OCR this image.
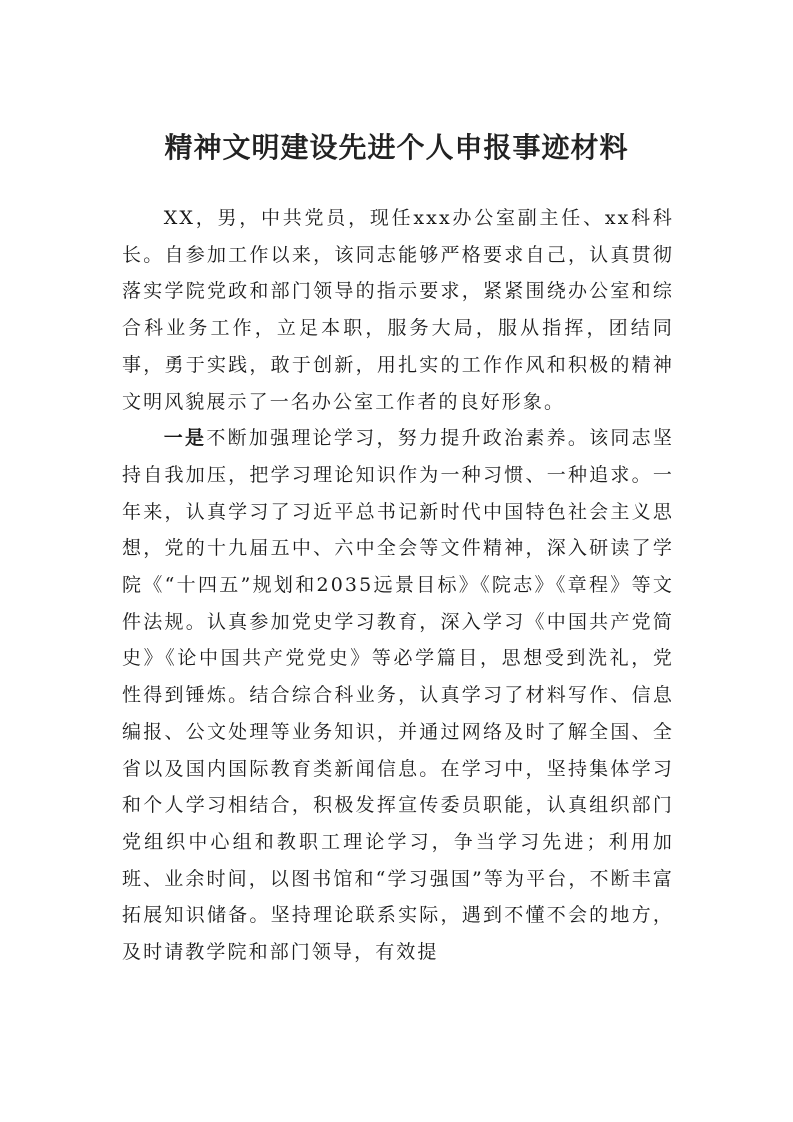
精神文明建设先进个人申报事迹材料

XX，男，中共党员，现任xxx办公室副主任、xx科科长。自参加工作以来，该同志能够严格要求自己，认真贯彻落实学院党政和部门领导的指示要求，紧紧围绕办公室和综合科业务工作，立足本职，服务大局，服从指挥，团结同事，勇于实践，敢于创新，用扎实的工作作风和积极的精神文明风貌展示了一名办公室工作者的良好形象。

一是不断加强理论学习，努力提升政治素养。该同志坚持自我加压，把学习理论知识作为一种习惯、一种追求。一年来，认真学习了习近平总书记新时代中国特色社会主义思想，党的十九届五中、六中全会等文件精神，深入研读了学院《“十四五”规划和2035远景目标》《院志》《章程》等文件法规。认真参加党史学习教育，深入学习《中国共产党简史》《论中国共产党党史》等必学篇目，思想受到洗礼，党性得到锤炼。结合综合科业务，认真学习了材料写作、信息编报、公文处理等业务知识，并通过网络及时了解全国、全省以及国内国际教育类新闻信息。在学习中，坚持集体学习和个人学习相结合，积极发挥宣传委员职能，认真组织部门党组织中心组和教职工理论学习，争当学习先进；利用加班、业余时间，以图书馆和“学习强国”等为平台，不断丰富拓展知识储备。坚持理论联系实际，遇到不懂不会的地方，及时请教学院和部门领导，有效提
